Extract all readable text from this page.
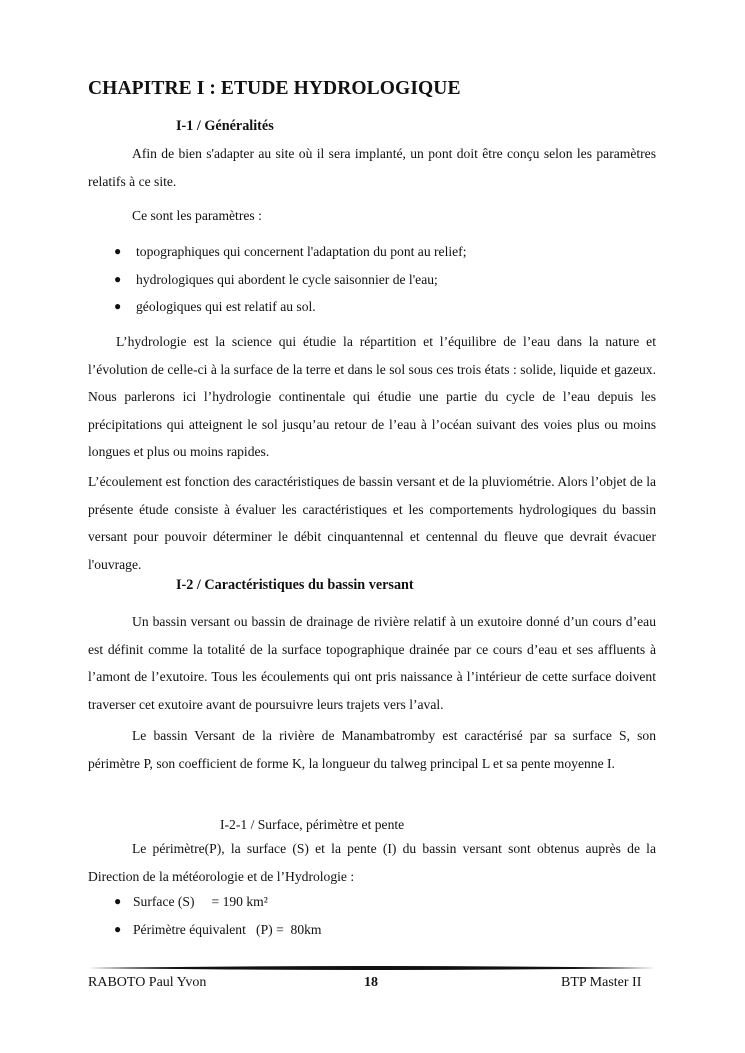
CHAPITRE I : ETUDE HYDROLOGIQUE

I-1 / Généralités

Afin de bien s'adapter au site où il sera implanté, un pont doit être conçu selon les paramètres relatifs à ce site.

Ce sont les paramètres :

● topographiques qui concernent l'adaptation du pont au relief;
● hydrologiques qui abordent le cycle saisonnier de l'eau;
● géologiques qui est relatif au sol.

L’hydrologie est la science qui étudie la répartition et l’équilibre de l’eau dans la nature et l’évolution de celle-ci à la surface de la terre et dans le sol sous ces trois états : solide, liquide et gazeux. Nous parlerons ici l’hydrologie continentale qui étudie une partie du cycle de l’eau depuis les précipitations qui atteignent le sol jusqu’au retour de l’eau à l’océan suivant des voies plus ou moins longues et plus ou moins rapides.

L’écoulement est fonction des caractéristiques de bassin versant et de la pluviométrie. Alors l’objet de la présente étude consiste à évaluer les caractéristiques et les comportements hydrologiques du bassin versant pour pouvoir déterminer le débit cinquantennal et centennal du fleuve que devrait évacuer l'ouvrage.

I-2 / Caractéristiques du bassin versant

Un bassin versant ou bassin de drainage de rivière relatif à un exutoire donné d’un cours d’eau est définit comme la totalité de la surface topographique drainée par ce cours d’eau et ses affluents à l’amont de l’exutoire. Tous les écoulements qui ont pris naissance à l’intérieur de cette surface doivent traverser cet exutoire avant de poursuivre leurs trajets vers l’aval.

Le bassin Versant de la rivière de Manambatromby est caractérisé par sa surface S, son périmètre P, son coefficient de forme K, la longueur du talweg principal L et sa pente moyenne I.

I-2-1 / Surface, périmètre et pente

Le périmètre(P), la surface (S) et la pente (I) du bassin versant sont obtenus auprès de la Direction de la météorologie et de l’Hydrologie :

● Surface (S)     = 190 km²
● Périmètre équivalent   (P) =  80km
RABOTO Paul Yvon	18	BTP Master II
